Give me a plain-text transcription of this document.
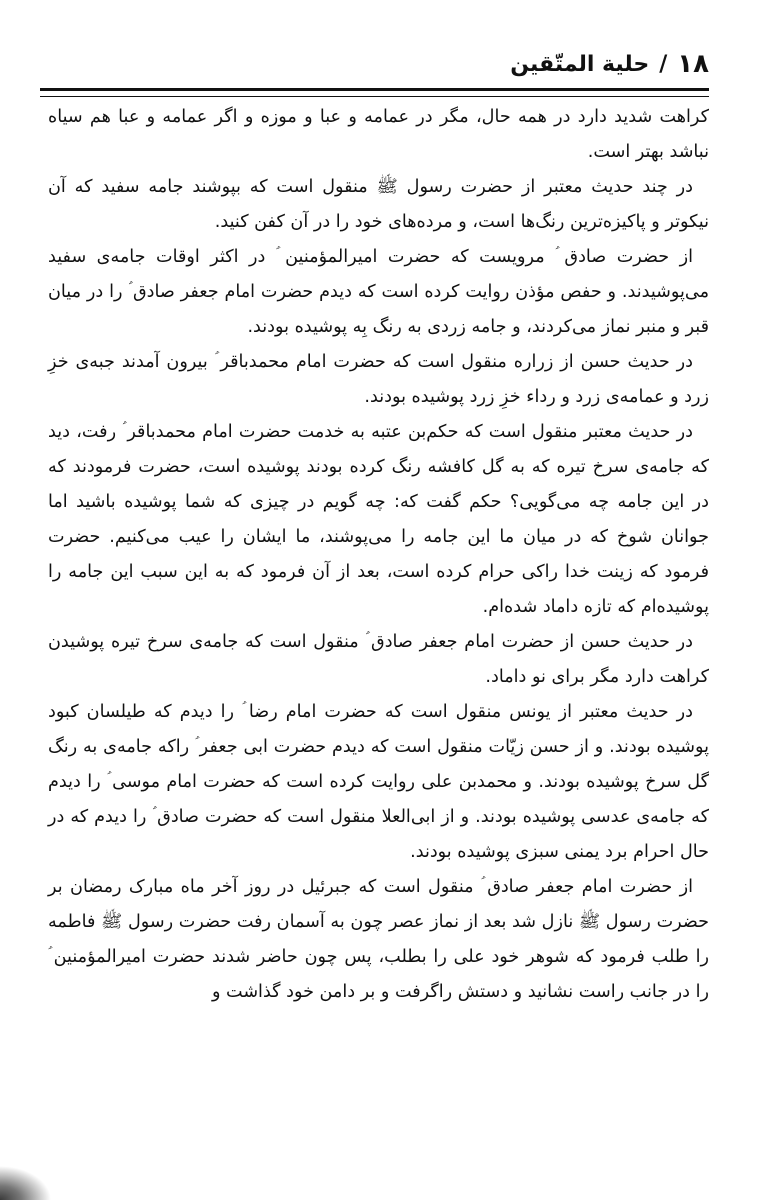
۱۸
/
حلیة المتّقین

کراهت شدید دارد در همه حال، مگر در عمامه و عبا و موزه و اگر عمامه و عبا هم سیاه نباشد بهتر است.

در چند حدیث معتبر از حضرت رسول ﷺ منقول است که بپوشند جامه سفید که آن نیکوتر و پاکیزه‌ترین رنگ‌ها است، و مرده‌های خود را در آن کفن کنید.

از حضرت صادق ؑ مرویست که حضرت امیرالمؤمنین ؑ در اکثر اوقات جامه‌ی سفید می‌پوشیدند. و حفص مؤذن روایت کرده است که دیدم حضرت امام جعفر صادق ؑ را در میان قبر و منبر نماز می‌کردند، و جامه زردی به رنگ بِه پوشیده بودند.

در حدیث حسن از زراره منقول است که حضرت امام محمدباقر ؑ بیرون آمدند جبه‌ی خزِ زرد و عمامه‌ی زرد و رداء خزِ زرد پوشیده بودند.

در حدیث معتبر منقول است که حکم‌بن عتبه به خدمت حضرت امام محمدباقر ؑ رفت، دید که جامه‌ی سرخ تیره که به گل کافشه رنگ کرده بودند پوشیده است، حضرت فرمودند که در این جامه چه می‌گویی؟ حکم گفت که: چه گویم در چیزی که شما پوشیده باشید اما جوانان شوخ که در میان ما این جامه را می‌پوشند، ما ایشان را عیب می‌کنیم. حضرت فرمود که زینت خدا راکی حرام کرده است، بعد از آن فرمود که به این سبب این جامه را پوشیده‌ام که تازه داماد شده‌ام.

در حدیث حسن از حضرت امام جعفر صادق ؑ منقول است که جامه‌ی سرخ تیره پوشیدن کراهت دارد مگر برای نو داماد.

در حدیث معتبر از یونس منقول است که حضرت امام رضا ؑ را دیدم که طیلسان کبود پوشیده بودند. و از حسن زیّات منقول است که دیدم حضرت ابی جعفر ؑ راکه جامه‌ی به رنگ گل سرخ پوشیده بودند. و محمدبن علی روایت کرده است که حضرت امام موسی ؑ را دیدم که جامه‌ی عدسی پوشیده بودند. و از ابی‌العلا منقول است که حضرت صادق ؑ را دیدم که در حال احرام برد یمنی سبزی پوشیده بودند.

از حضرت امام جعفر صادق ؑ منقول است که جبرئیل در روز آخر ماه مبارک رمضان بر حضرت رسول ﷺ نازل شد بعد از نماز عصر چون به آسمان رفت حضرت رسول ﷺ فاطمه را طلب فرمود که شوهر خود علی را بطلب، پس چون حاضر شدند حضرت امیرالمؤمنین ؑ را در جانب راست نشانید و دستش راگرفت و بر دامن خود گذاشت و
